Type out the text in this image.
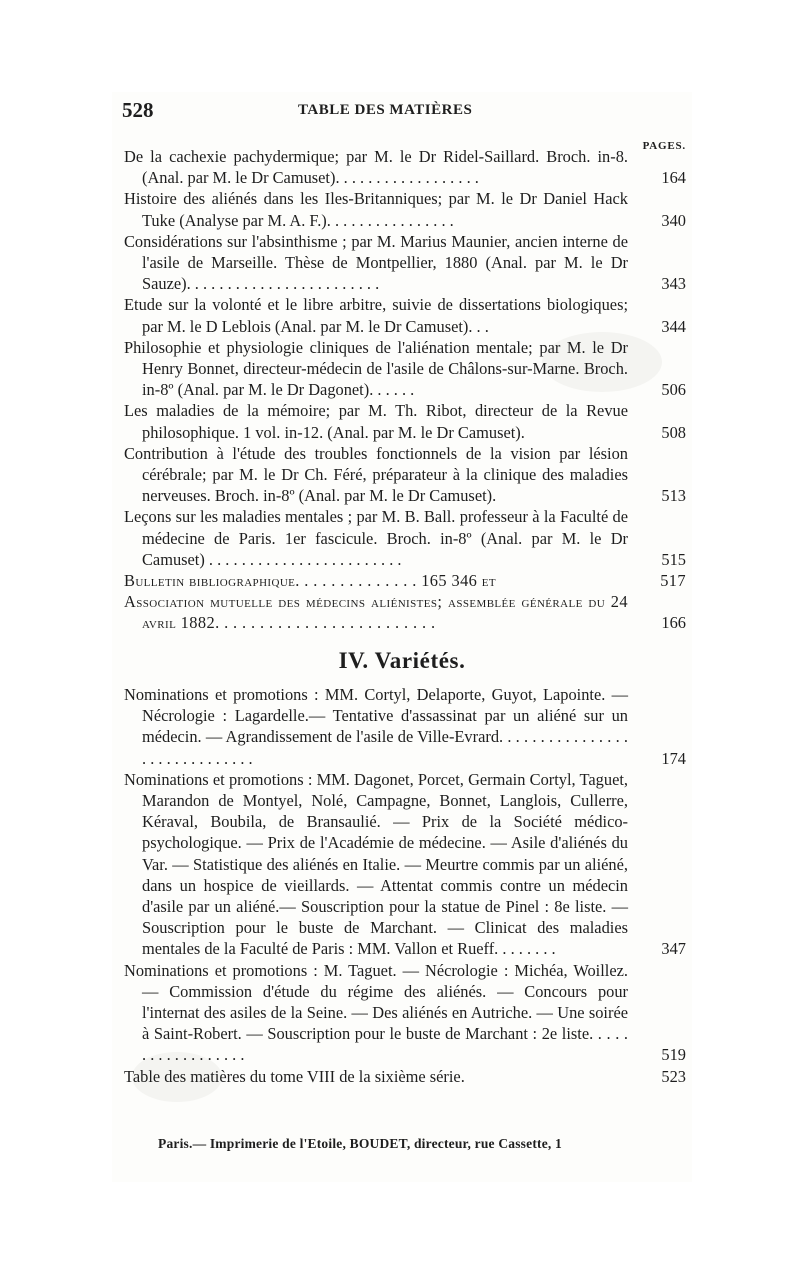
528	TABLE DES MATIÈRES
PAGES.
De la cachexie pachydermique; par M. le Dr Ridel-Saillard. Broch. in-8. (Anal. par M. le Dr Camuset). . . . . . . . . . . . . . . . . .	164
Histoire des aliénés dans les Iles-Britanniques; par M. le Dr Daniel Hack Tuke (Analyse par M. A. F.). . . . . . . . . . . . . . . .	340
Considérations sur l'absinthisme ; par M. Marius Maunier, ancien interne de l'asile de Marseille. Thèse de Montpellier, 1880 (Anal. par M. le Dr Sauze). . . . . . . . . . . . . . . . . . . . . . . .	343
Etude sur la volonté et le libre arbitre, suivie de dissertations biologiques; par M. le D Leblois (Anal. par M. le Dr Camuset). . .	344
Philosophie et physiologie cliniques de l'aliénation mentale; par M. le Dr Henry Bonnet, directeur-médecin de l'asile de Châlons-sur-Marne. Broch. in-8º (Anal. par M. le Dr Dagonet). . . . . .	506
Les maladies de la mémoire; par M. Th. Ribot, directeur de la Revue philosophique. 1 vol. in-12. (Anal. par M. le Dr Camuset).	508
Contribution à l'étude des troubles fonctionnels de la vision par lésion cérébrale; par M. le Dr Ch. Féré, préparateur à la clinique des maladies nerveuses. Broch. in-8º (Anal. par M. le Dr Camuset).	513
Leçons sur les maladies mentales ; par M. B. Ball. professeur à la Faculté de médecine de Paris. 1er fascicule. Broch. in-8º (Anal. par M. le Dr Camuset) . . . . . . . . . . . . . . . . . . . . . . . .	515
Bulletin bibliographique. . . . . . . . . . . . . . 165 346 et	517
Association mutuelle des médecins aliénistes; assemblée générale du 24 avril 1882. . . . . . . . . . . . . . . . . . . . . . . . .	166
IV. Variétés.
Nominations et promotions : MM. Cortyl, Delaporte, Guyot, Lapointe. — Nécrologie : Lagardelle.— Tentative d'assassinat par un aliéné sur un médecin. — Agrandissement de l'asile de Ville-Evrard. . . . . . . . . . . . . . . . . . . . . . . . . . . . . .	174
Nominations et promotions : MM. Dagonet, Porcet, Germain Cortyl, Taguet, Marandon de Montyel, Nolé, Campagne, Bonnet, Langlois, Cullerre, Kéraval, Boubila, de Bransaulié. — Prix de la Société médico-psychologique. — Prix de l'Académie de médecine. — Asile d'aliénés du Var. — Statistique des aliénés en Italie. — Meurtre commis par un aliéné, dans un hospice de vieillards. — Attentat commis contre un médecin d'asile par un aliéné.— Souscription pour la statue de Pinel : 8e liste. — Souscription pour le buste de Marchant. — Clinicat des maladies mentales de la Faculté de Paris : MM. Vallon et Rueff. . . . . . . .	347
Nominations et promotions : M. Taguet. — Nécrologie : Michéa, Woillez. — Commission d'étude du régime des aliénés. — Concours pour l'internat des asiles de la Seine. — Des aliénés en Autriche. — Une soirée à Saint-Robert. — Souscription pour le buste de Marchant : 2e liste. . . . . . . . . . . . . . . . . .	519
Table des matières du tome VIII de la sixième série.	523
Paris.— Imprimerie de l'Etoile, BOUDET, directeur, rue Cassette, 1
